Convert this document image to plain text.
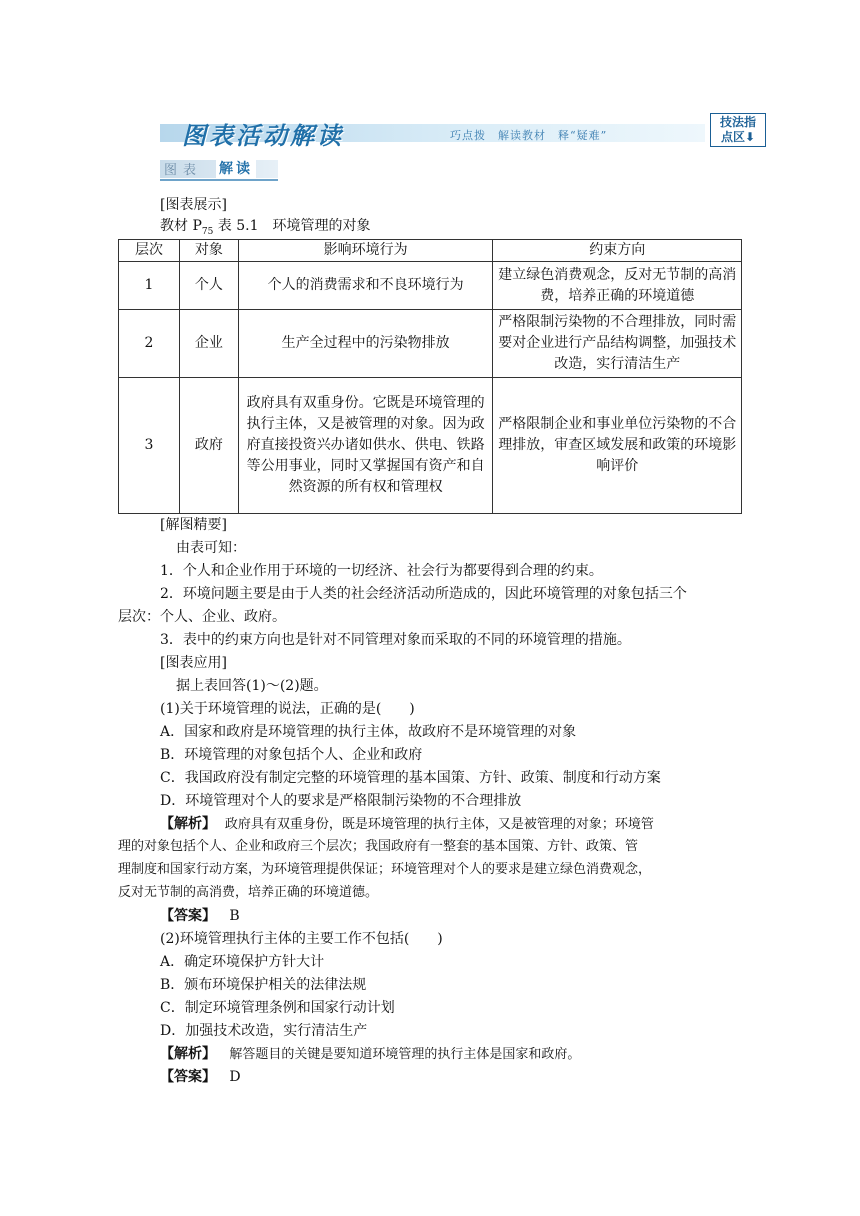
图表活动解读	巧点拨　解读教材　释“疑难”
技法指
点区⬇
图表 解读
[图表展示]
教材 $P_{75}$ 表 5.1　环境管理的对象
层次	对象	影响环境行为	约束方向
1	个人	个人的消费需求和不良环境行为	建立绿色消费观念，反对无节制的高消费，培养正确的环境道德
2	企业	生产全过程中的污染物排放	严格限制污染物的不合理排放，同时需要对企业进行产品结构调整，加强技术改造，实行清洁生产
3	政府	政府具有双重身份。它既是环境管理的执行主体，又是被管理的对象。因为政府直接投资兴办诸如供水、供电、铁路等公用事业，同时又掌握国有资产和自然资源的所有权和管理权	严格限制企业和事业单位污染物的不合理排放，审查区域发展和政策的环境影响评价
[解图精要]
由表可知：
1．个人和企业作用于环境的一切经济、社会行为都要得到合理的约束。
2．环境问题主要是由于人类的社会经济活动所造成的，因此环境管理的对象包括三个
层次：个人、企业、政府。
3．表中的约束方向也是针对不同管理对象而采取的不同的环境管理的措施。
[图表应用]
据上表回答(1)～(2)题。
(1)关于环境管理的说法，正确的是(　　)
A．国家和政府是环境管理的执行主体，故政府不是环境管理的对象
B．环境管理的对象包括个人、企业和政府
C．我国政府没有制定完整的环境管理的基本国策、方针、政策、制度和行动方案
D．环境管理对个人的要求是严格限制污染物的不合理排放
【解析】 政府具有双重身份，既是环境管理的执行主体，又是被管理的对象；环境管
理的对象包括个人、企业和政府三个层次；我国政府有一整套的基本国策、方针、政策、管
理制度和国家行动方案，为环境管理提供保证；环境管理对个人的要求是建立绿色消费观念，
反对无节制的高消费，培养正确的环境道德。
【答案】 B
(2)环境管理执行主体的主要工作不包括(　　)
A．确定环境保护方针大计
B．颁布环境保护相关的法律法规
C．制定环境管理条例和国家行动计划
D．加强技术改造，实行清洁生产
【解析】 解答题目的关键是要知道环境管理的执行主体是国家和政府。
【答案】 D
